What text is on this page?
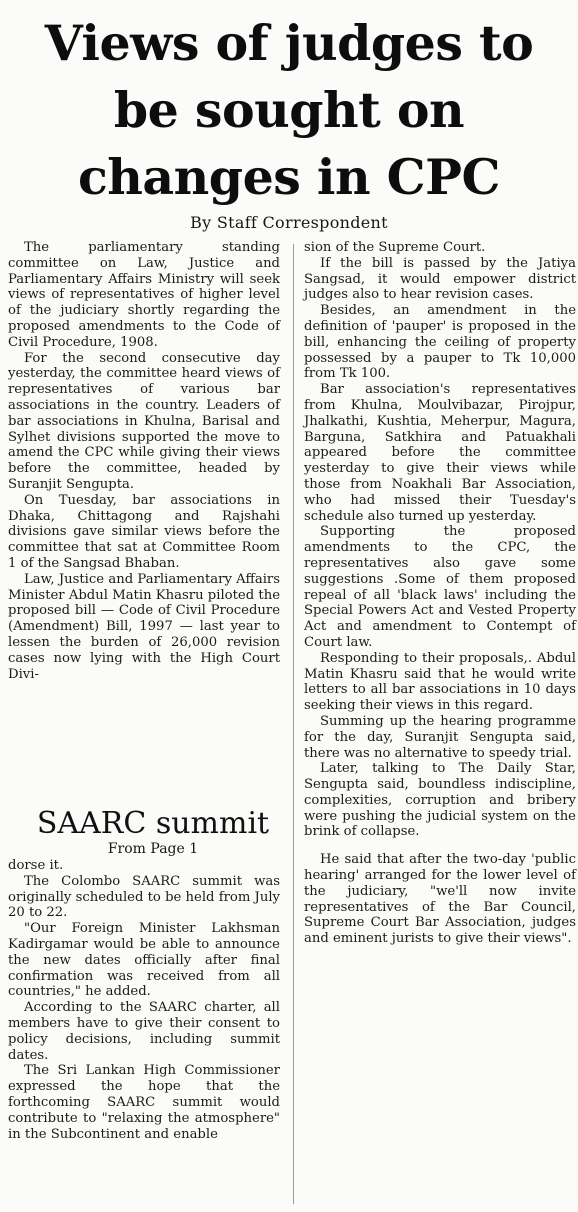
Views of judges to
be sought on
changes in CPC
By Staff Correspondent

The parliamentary standing committee on Law, Justice and Parliamentary Affairs Ministry will seek views of representatives of higher level of the judiciary shortly regarding the proposed amendments to the Code of Civil Procedure, 1908.

For the second consecutive day yesterday, the committee heard views of representatives of various bar associations in the country. Leaders of bar associations in Khulna, Barisal and Sylhet divisions supported the move to amend the CPC while giving their views before the committee, headed by Suranjit Sengupta.

On Tuesday, bar associations in Dhaka, Chittagong and Rajshahi divisions gave similar views before the committee that sat at Committee Room 1 of the Sangsad Bhaban.

Law, Justice and Parliamentary Affairs Minister Abdul Matin Khasru piloted the proposed bill — Code of Civil Procedure (Amendment) Bill, 1997 — last year to lessen the burden of 26,000 revision cases now lying with the High Court Divi-

SAARC summit
From Page 1

dorse it.

The Colombo SAARC summit was originally scheduled to be held from July 20 to 22.

"Our Foreign Minister Lakhsman Kadirgamar would be able to announce the new dates officially after final confirmation was received from all countries," he added.

According to the SAARC charter, all members have to give their consent to policy decisions, including summit dates.

The Sri Lankan High Commissioner expressed the hope that the forthcoming SAARC summit would contribute to "relaxing the atmosphere" in the Subcontinent and enable

sion of the Supreme Court.

If the bill is passed by the Jatiya Sangsad, it would empower district judges also to hear revision cases.

Besides, an amendment in the definition of 'pauper' is proposed in the bill, enhancing the ceiling of property possessed by a pauper to Tk 10,000 from Tk 100.

Bar association's representatives from Khulna, Moulvibazar, Pirojpur, Jhalkathi, Kushtia, Meherpur, Magura, Barguna, Satkhira and Patuakhali appeared before the committee yesterday to give their views while those from Noakhali Bar Association, who had missed their Tuesday's schedule also turned up yesterday.

Supporting the proposed amendments to the CPC, the representatives also gave some suggestions .Some of them proposed repeal of all 'black laws' including the Special Powers Act and Vested Property Act and amendment to Contempt of Court law.

Responding to their proposals,. Abdul Matin Khasru said that he would write letters to all bar associations in 10 days seeking their views in this regard.

Summing up the hearing programme for the day, Suranjit Sengupta said, there was no alternative to speedy trial.

Later, talking to The Daily Star, Sengupta said, boundless indiscipline, complexities, corruption and bribery were pushing the judicial system on the brink of collapse.

He said that after the two-day 'public hearing' arranged for the lower level of the judiciary, "we'll now invite representatives of the Bar Council, Supreme Court Bar Association, judges and eminent jurists to give their views".
